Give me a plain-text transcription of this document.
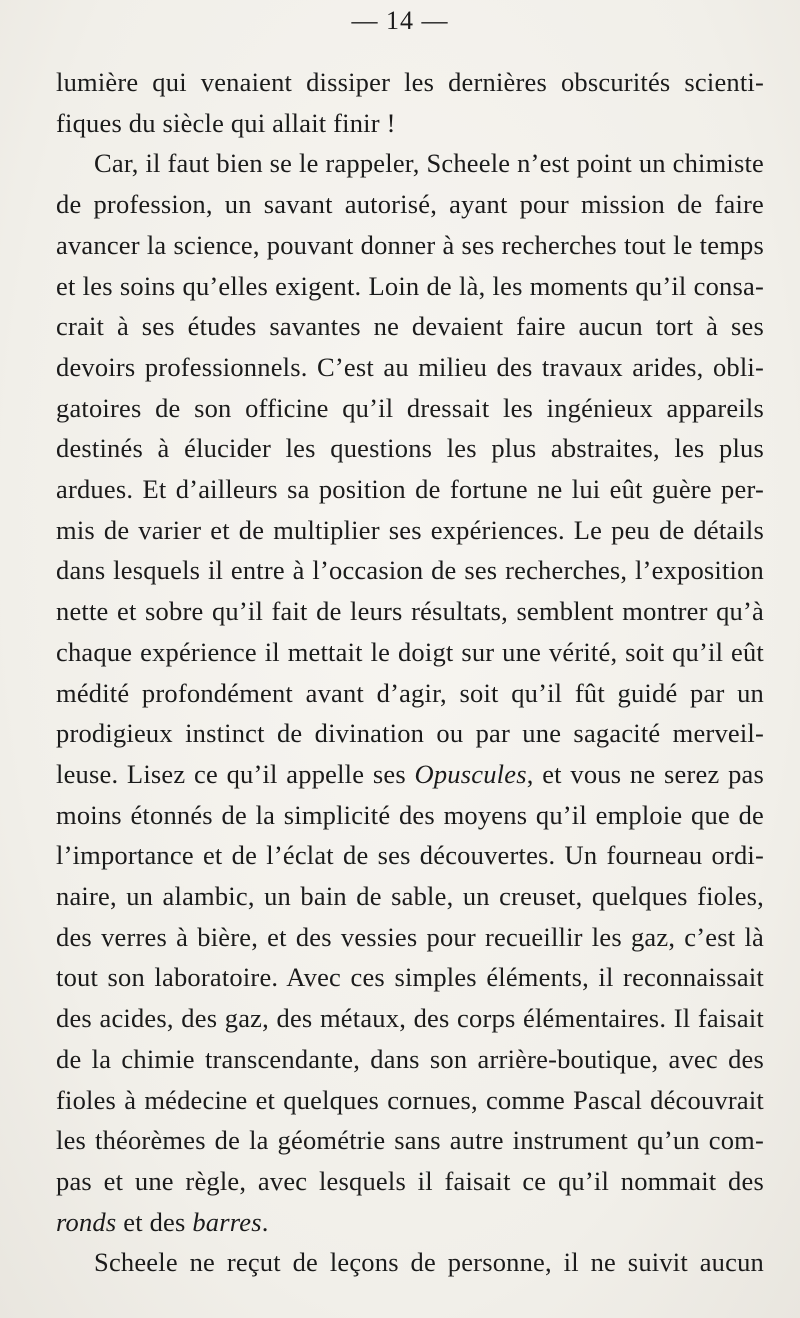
— 14 —
lumière qui venaient dissiper les dernières obscurités scienti-
fiques du siècle qui allait finir !
Car, il faut bien se le rappeler, Scheele n’est point un chimiste
de profession, un savant autorisé, ayant pour mission de faire
avancer la science, pouvant donner à ses recherches tout le temps
et les soins qu’elles exigent. Loin de là, les moments qu’il consa-
crait à ses études savantes ne devaient faire aucun tort à ses
devoirs professionnels. C’est au milieu des travaux arides, obli-
gatoires de son officine qu’il dressait les ingénieux appareils
destinés à élucider les questions les plus abstraites, les plus
ardues. Et d’ailleurs sa position de fortune ne lui eût guère per-
mis de varier et de multiplier ses expériences. Le peu de détails
dans lesquels il entre à l’occasion de ses recherches, l’exposition
nette et sobre qu’il fait de leurs résultats, semblent montrer qu’à
chaque expérience il mettait le doigt sur une vérité, soit qu’il eût
médité profondément avant d’agir, soit qu’il fût guidé par un
prodigieux instinct de divination ou par une sagacité merveil-
leuse. Lisez ce qu’il appelle ses Opuscules, et vous ne serez pas
moins étonnés de la simplicité des moyens qu’il emploie que de
l’importance et de l’éclat de ses découvertes. Un fourneau ordi-
naire, un alambic, un bain de sable, un creuset, quelques fioles,
des verres à bière, et des vessies pour recueillir les gaz, c’est là
tout son laboratoire. Avec ces simples éléments, il reconnaissait
des acides, des gaz, des métaux, des corps élémentaires. Il faisait
de la chimie transcendante, dans son arrière-boutique, avec des
fioles à médecine et quelques cornues, comme Pascal découvrait
les théorèmes de la géométrie sans autre instrument qu’un com-
pas et une règle, avec lesquels il faisait ce qu’il nommait des
ronds et des barres.
Scheele ne reçut de leçons de personne, il ne suivit aucun
